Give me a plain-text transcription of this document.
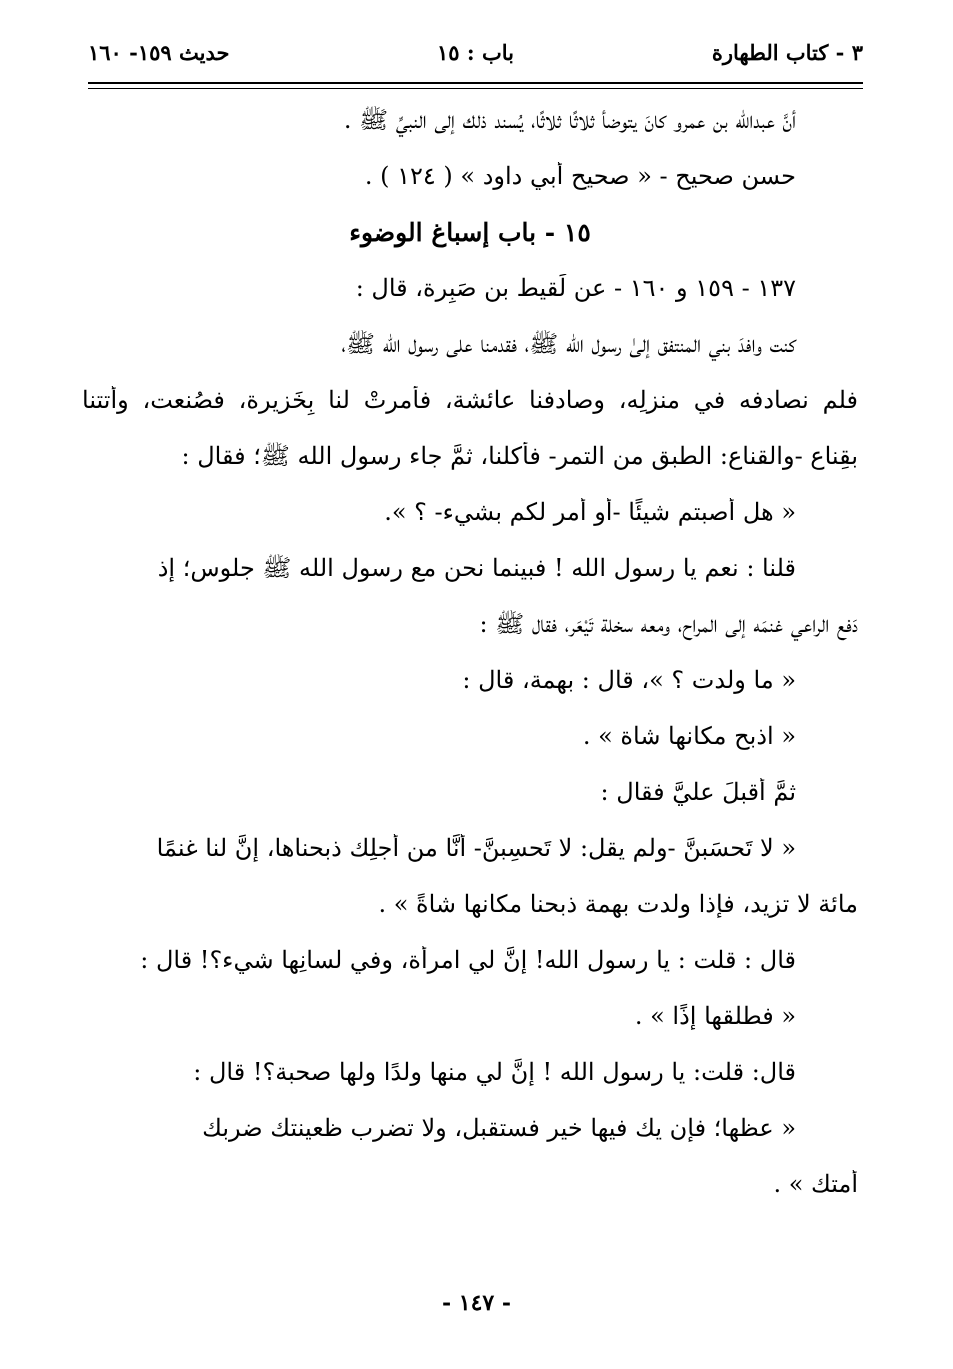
٣ - كتاب الطهارة
باب : ١٥
حديث ١٥٩- ١٦٠
أنَّ عبدالله بن عمرو كانَ يتوضأ ثلاثًا ثلاثًا، يُسند ذلك إلى النبيِّ ﷺ .
حسن صحيح - « صحيح أبي داود » ( ١٢٤ ) .
١٥ - باب إسباغ الوضوء
١٣٧ - ١٥٩ و ١٦٠ - عن لَقيط بن صَبِرة، قال :
كنت وافدَ بني المنتفق إلىٰ رسول الله ﷺ، فقدمنا على رسول الله ﷺ،
فلم نصادفه في منزلِه، وصادفنا عائشة، فأمرتْ لنا بِخَزيرة، فصُنعت، وأتتنا
بقِناع -والقناع: الطبق من التمر- فأكلنا، ثمَّ جاء رسول الله ﷺ؛ فقال :
« هل أصبتم شيئًا -أو أُمر لكم بشيء- ؟ ».
قلنا : نعم يا رسول الله ! فبينما نحن مع رسول الله ﷺ جلوس؛ إذ
دَفع الراعي غنمَه إلى المراح، ومعه سخلة تَيْعَر، فقال ﷺ :
« ما ولدت ؟ »، قال : بهمة، قال :
« اذبح مكانها شاة » .
ثمَّ أقبلَ عليَّ فقال :
« لا تَحسَبنَّ -ولم يقل: لا تَحسِبنَّ- أنَّا من أجلِك ذبحناها، إنَّ لنا غنمًا
مائة لا تزيد، فإذا ولدت بهمة ذبحنا مكانها شاةً » .
قال : قلت : يا رسول الله! إنَّ لي امرأة، وفي لسانِها شيء؟! قال :
« فطلقها إذًا » .
قال: قلت: يا رسول الله ! إنَّ لي منها ولدًا ولها صحبة؟! قال :
« عظها؛ فإن يك فيها خير فستقبل، ولا تضرب ظعينتك ضربك
أمتك » .
- ١٤٧ -
